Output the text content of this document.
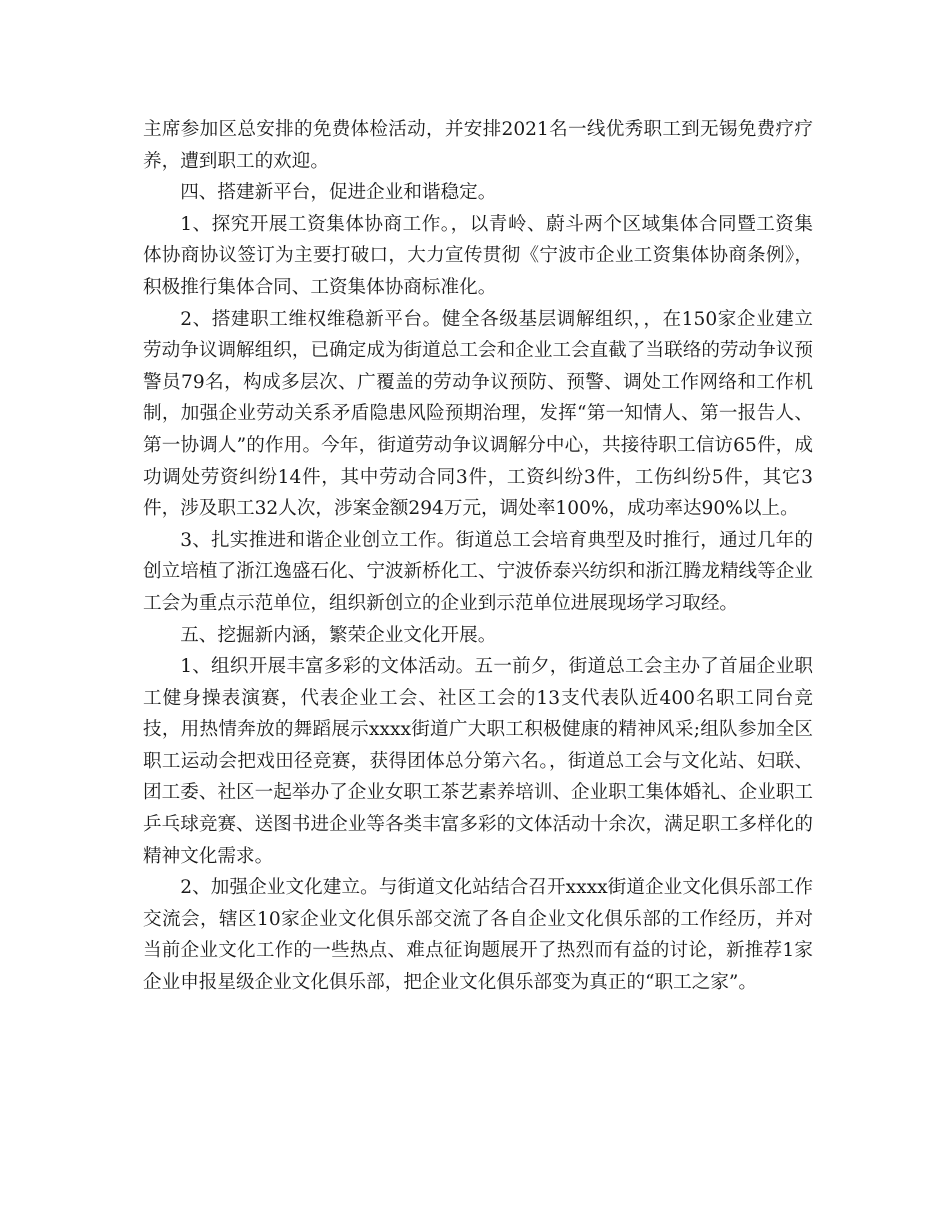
主席参加区总安排的免费体检活动，并安排2021名一线优秀职工到无锡免费疗疗养，遭到职工的欢迎。

四、搭建新平台，促进企业和谐稳定。

1、探究开展工资集体协商工作。，以青岭、蔚斗两个区域集体合同暨工资集体协商协议签订为主要打破口，大力宣传贯彻《宁波市企业工资集体协商条例》，积极推行集体合同、工资集体协商标准化。

2、搭建职工维权维稳新平台。健全各级基层调解组织，，在150家企业建立劳动争议调解组织，已确定成为街道总工会和企业工会直截了当联络的劳动争议预警员79名，构成多层次、广覆盖的劳动争议预防、预警、调处工作网络和工作机制，加强企业劳动关系矛盾隐患风险预期治理，发挥“第一知情人、第一报告人、第一协调人”的作用。今年，街道劳动争议调解分中心，共接待职工信访65件，成功调处劳资纠纷14件，其中劳动合同3件，工资纠纷3件，工伤纠纷5件，其它3件，涉及职工32人次，涉案金额294万元，调处率100%，成功率达90%以上。

3、扎实推进和谐企业创立工作。街道总工会培育典型及时推行，通过几年的创立培植了浙江逸盛石化、宁波新桥化工、宁波侨泰兴纺织和浙江腾龙精线等企业工会为重点示范单位，组织新创立的企业到示范单位进展现场学习取经。

五、挖掘新内涵，繁荣企业文化开展。

1、组织开展丰富多彩的文体活动。五一前夕，街道总工会主办了首届企业职工健身操表演赛，代表企业工会、社区工会的13支代表队近400名职工同台竞技，用热情奔放的舞蹈展示xxxx街道广大职工积极健康的精神风采;组队参加全区职工运动会把戏田径竞赛，获得团体总分第六名。，街道总工会与文化站、妇联、团工委、社区一起举办了企业女职工茶艺素养培训、企业职工集体婚礼、企业职工乒乓球竞赛、送图书进企业等各类丰富多彩的文体活动十余次，满足职工多样化的精神文化需求。

2、加强企业文化建立。与街道文化站结合召开xxxx街道企业文化俱乐部工作交流会，辖区10家企业文化俱乐部交流了各自企业文化俱乐部的工作经历，并对当前企业文化工作的一些热点、难点征询题展开了热烈而有益的讨论，新推荐1家企业申报星级企业文化俱乐部，把企业文化俱乐部变为真正的“职工之家”。
